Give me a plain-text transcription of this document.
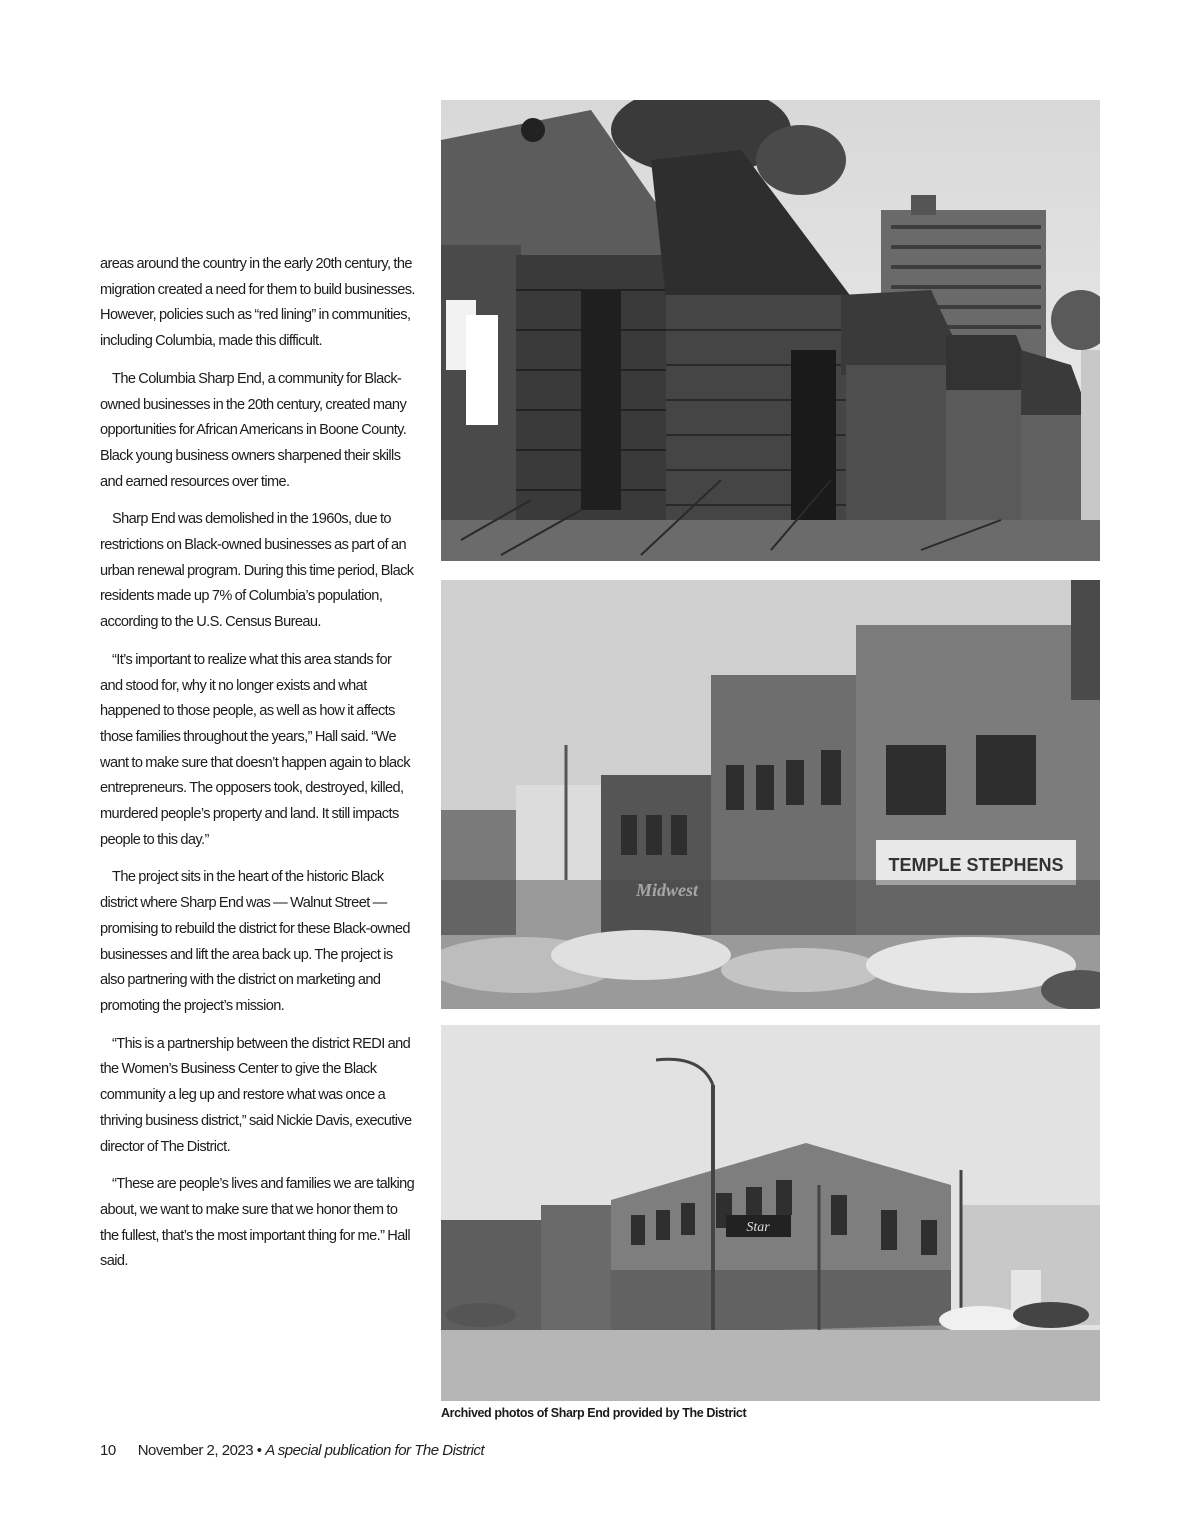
areas around the country in the early 20th century, the migration created a need for them to build businesses. However, policies such as “red lining” in communities, including Columbia, made this difficult.

The Columbia Sharp End, a community for Black-owned businesses in the 20th century, created many opportunities for African Americans in Boone County. Black young business owners sharpened their skills and earned resources over time.

Sharp End was demolished in the 1960s, due to restrictions on Black-owned businesses as part of an urban renewal program. During this time period, Black residents made up 7% of Columbia’s population, according to the U.S. Census Bureau.

“It’s important to realize what this area stands for and stood for, why it no longer exists and what happened to those people, as well as how it affects those families throughout the years,” Hall said. “We want to make sure that doesn’t happen again to black entrepreneurs. The opposers took, destroyed, killed, murdered people’s property and land. It still impacts people to this day.”

The project sits in the heart of the historic Black district where Sharp End was — Walnut Street — promising to rebuild the district for these Black-owned businesses and lift the area back up. The project is also partnering with the district on marketing and promoting the project’s mission.

“This is a partnership between the district REDI and the Women’s Business Center to give the Black community a leg up and restore what was once a thriving business district,” said Nickie Davis, executive director of The District.

“These are people’s lives and families we are talking about, we want to make sure that we honor them to the fullest, that’s the most important thing for me.” Hall said.

TEMPLE STEPHENS
Midwest
Star
Archived photos of Sharp End provided by The District
10 November 2, 2023 • A special publication for The District
